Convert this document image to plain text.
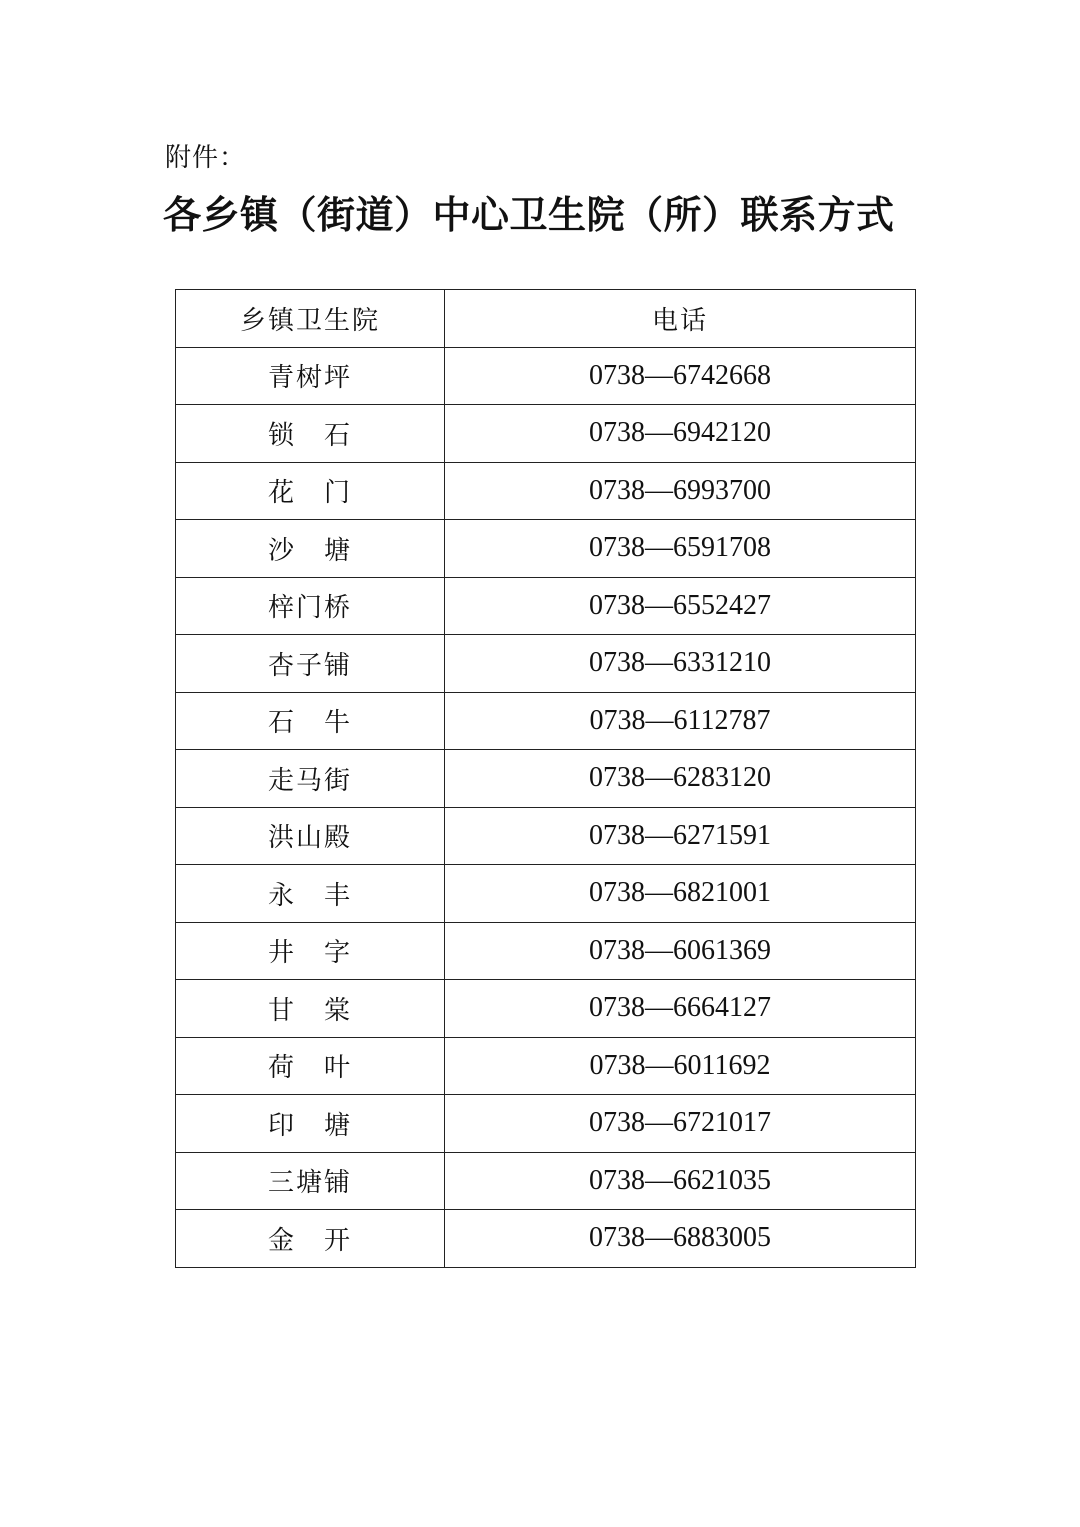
附件：
各乡镇（街道）中心卫生院（所）联系方式
乡镇卫生院	电话
青树坪	0738—6742668
锁　石	0738—6942120
花　门	0738—6993700
沙　塘	0738—6591708
梓门桥	0738—6552427
杏子铺	0738—6331210
石　牛	0738—6112787
走马街	0738—6283120
洪山殿	0738—6271591
永　丰	0738—6821001
井　字	0738—6061369
甘　棠	0738—6664127
荷　叶	0738—6011692
印　塘	0738—6721017
三塘铺	0738—6621035
金　开	0738—6883005
